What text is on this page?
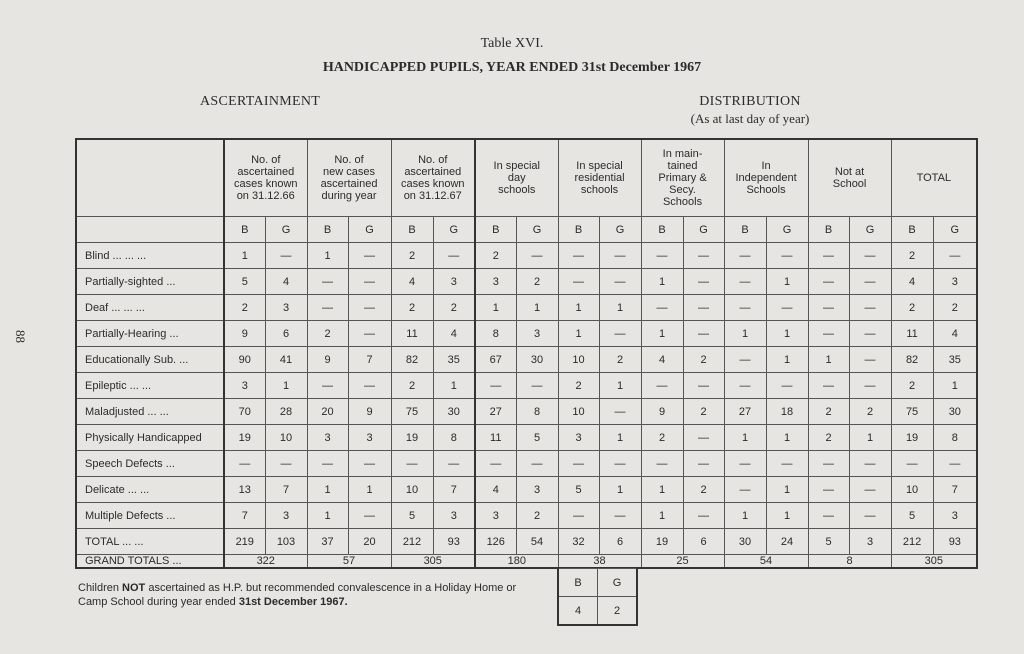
88
Table XVI.
HANDICAPPED PUPILS, YEAR ENDED 31st December 1967
ASCERTAINMENT	DISTRIBUTION
(As at last day of year)
	No. of
ascertained
cases known
on 31.12.66		No. of
new cases
ascertained
during year		No. of
ascertained
cases known
on 31.12.67		In special
day
schools		In special
residential
schools		In main-
tained
Primary &
Secy.
Schools		In
Independent
Schools		Not at
School		TOTAL	
	B	G	B	G	B	G	B	G	B	G	B	G	B	G	B	G	B	G
Blind ... ... ...	1	—	1	—	2	—	2	—	—	—	—	—	—	—	—	—	2	—
Partially-sighted ...	5	4	—	—	4	3	3	2	—	—	1	—	—	1	—	—	4	3
Deaf ... ... ...	2	3	—	—	2	2	1	1	1	1	—	—	—	—	—	—	2	2
Partially-Hearing ...	9	6	2	—	11	4	8	3	1	—	1	—	1	1	—	—	11	4
Educationally Sub. ...	90	41	9	7	82	35	67	30	10	2	4	2	—	1	1	—	82	35
Epileptic ... ...	3	1	—	—	2	1	—	—	2	1	—	—	—	—	—	—	2	1
Maladjusted ... ...	70	28	20	9	75	30	27	8	10	—	9	2	27	18	2	2	75	30
Physically Handicapped	19	10	3	3	19	8	11	5	3	1	2	—	1	1	2	1	19	8
Speech Defects ...	—	—	—	—	—	—	—	—	—	—	—	—	—	—	—	—	—	—
Delicate ... ...	13	7	1	1	10	7	4	3	5	1	1	2	—	1	—	—	10	7
Multiple Defects ...	7	3	1	—	5	3	3	2	—	—	1	—	1	1	—	—	5	3
TOTAL ... ...	219	103	37	20	212	93	126	54	32	6	19	6	30	24	5	3	212	93
GRAND TOTALS ...	322		57		305		180		38		25		54		8		305	
Children NOT ascertained as H.P. but recommended convalescence in a Holiday Home or Camp School during year ended 31st December 1967.
B	G
4	2
